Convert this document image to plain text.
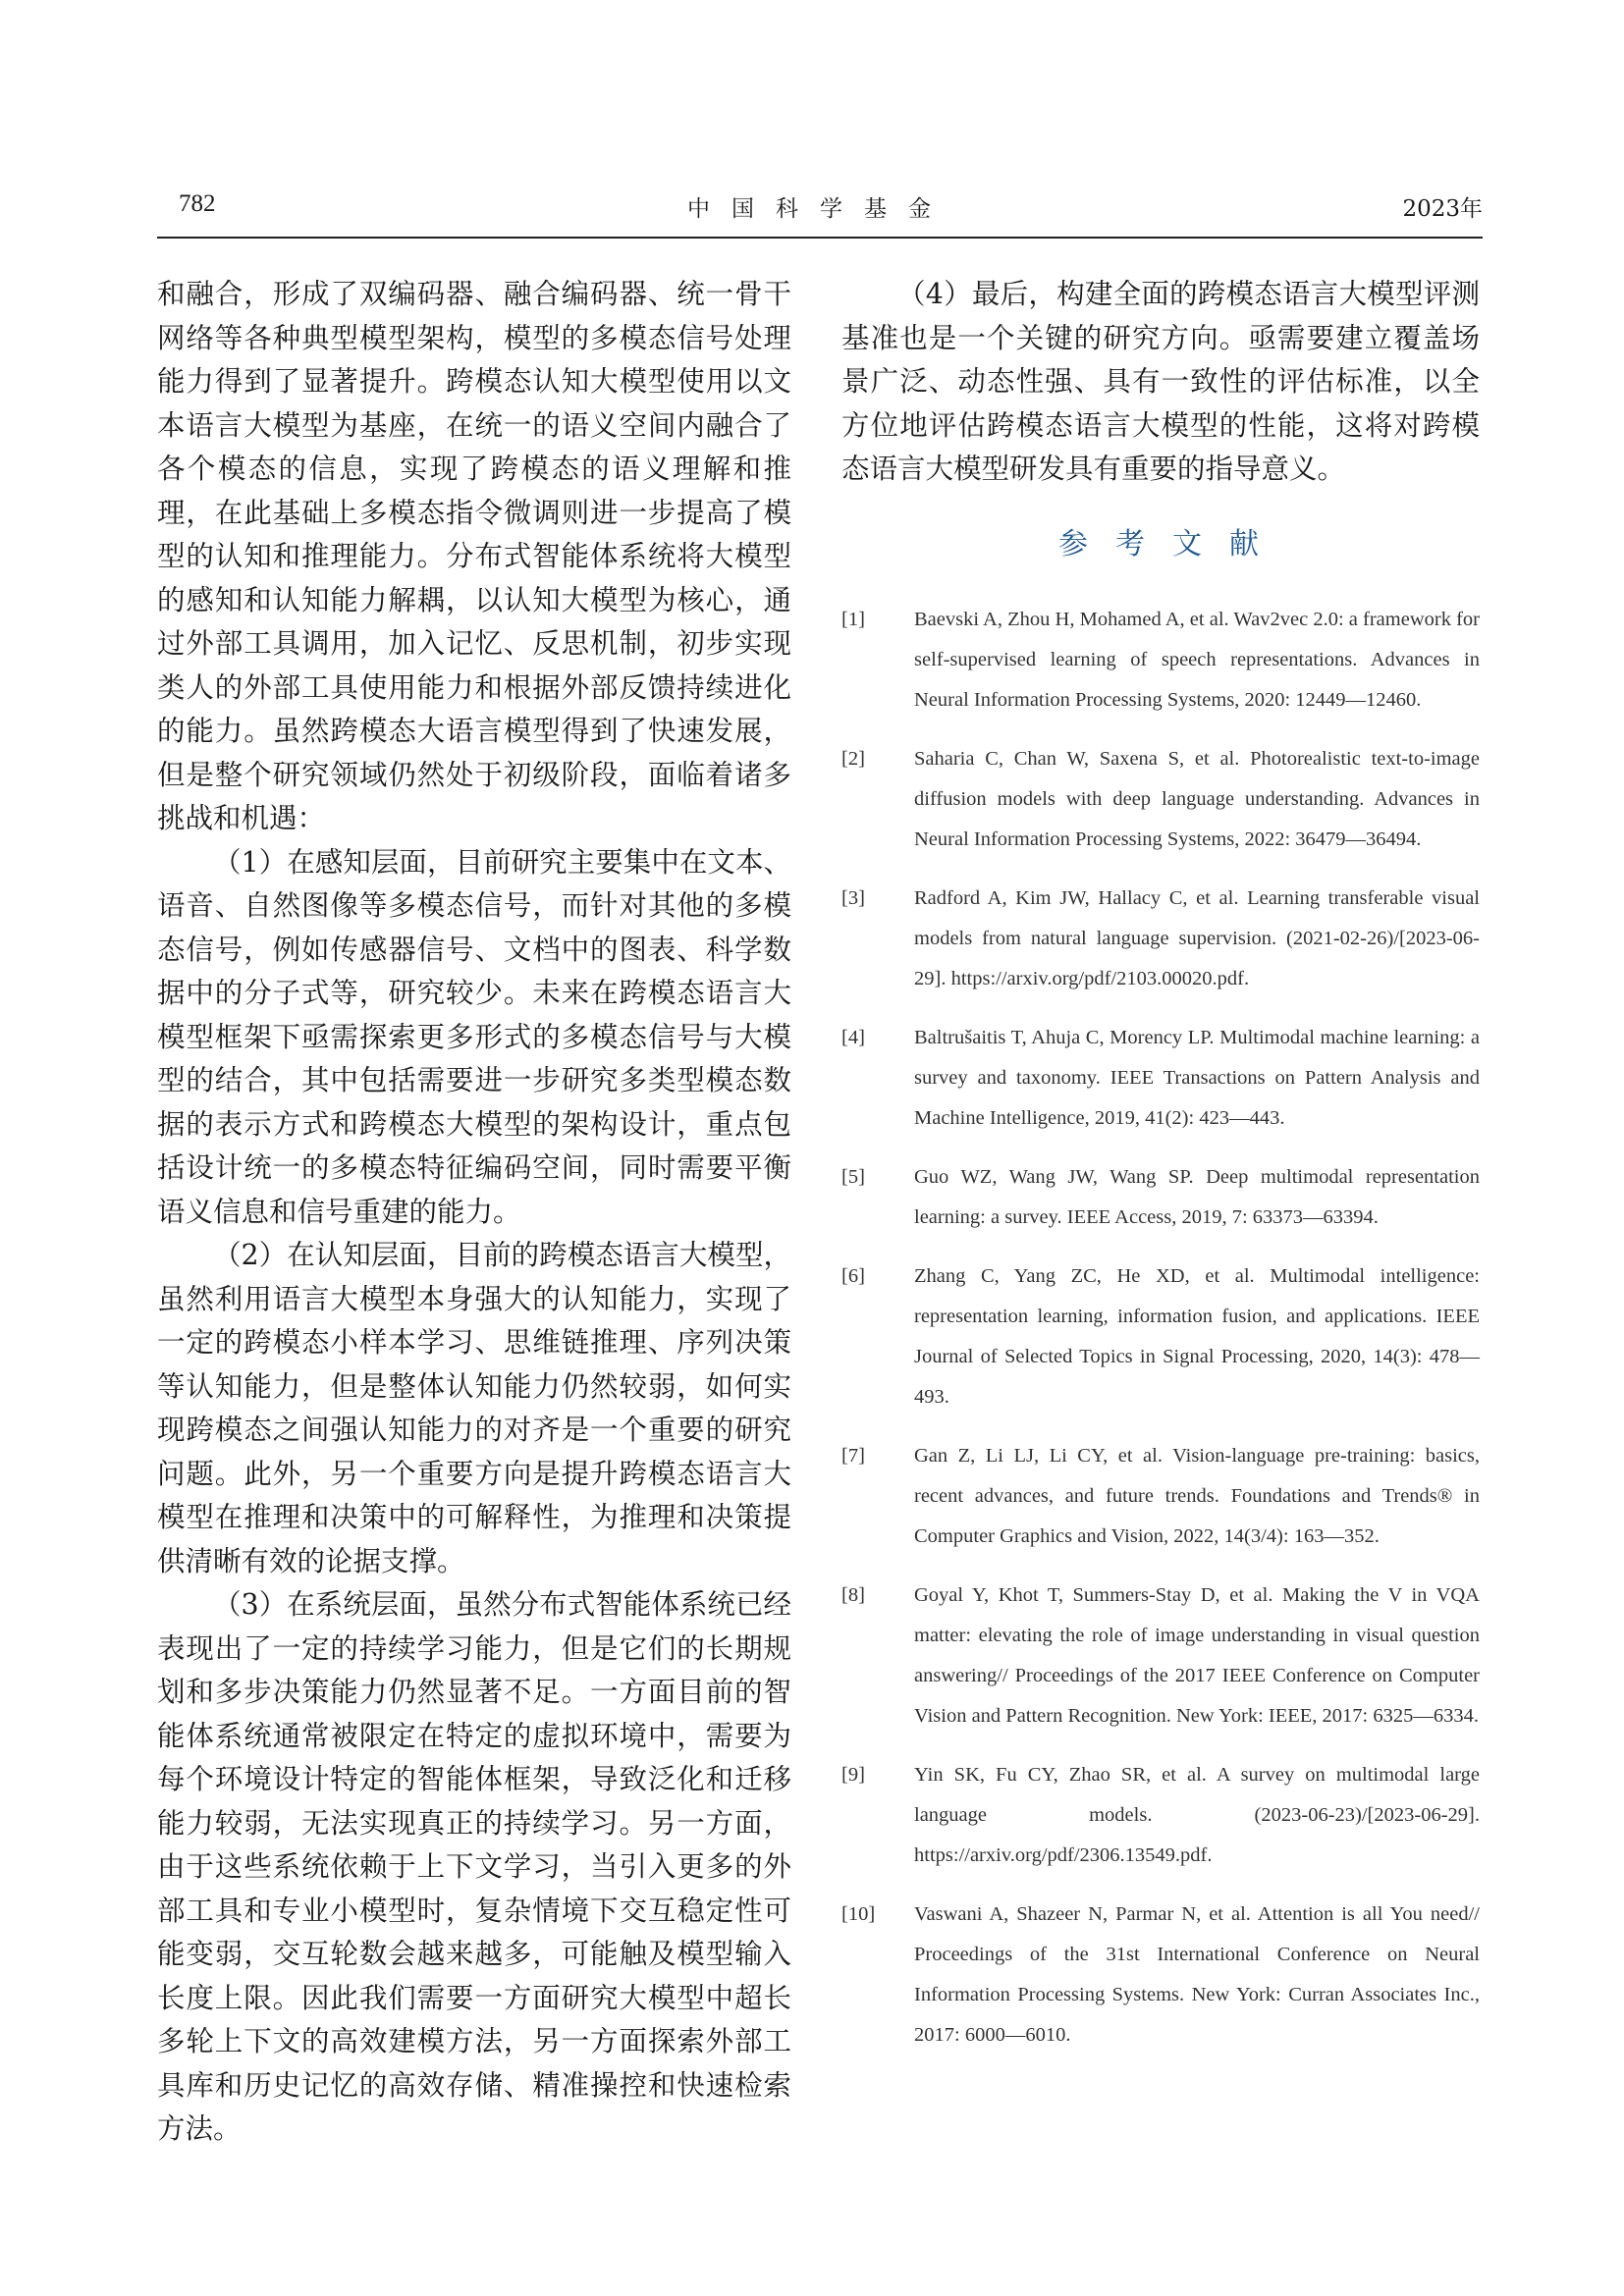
782	中国科学基金	2023年

和融合，形成了双编码器、融合编码器、统一骨干网络等各种典型模型架构，模型的多模态信号处理能力得到了显著提升。跨模态认知大模型使用以文本语言大模型为基座，在统一的语义空间内融合了各个模态的信息，实现了跨模态的语义理解和推理，在此基础上多模态指令微调则进一步提高了模型的认知和推理能力。分布式智能体系统将大模型的感知和认知能力解耦，以认知大模型为核心，通过外部工具调用，加入记忆、反思机制，初步实现类人的外部工具使用能力和根据外部反馈持续进化的能力。虽然跨模态大语言模型得到了快速发展，但是整个研究领域仍然处于初级阶段，面临着诸多挑战和机遇：

（1）在感知层面，目前研究主要集中在文本、语音、自然图像等多模态信号，而针对其他的多模态信号，例如传感器信号、文档中的图表、科学数据中的分子式等，研究较少。未来在跨模态语言大模型框架下亟需探索更多形式的多模态信号与大模型的结合，其中包括需要进一步研究多类型模态数据的表示方式和跨模态大模型的架构设计，重点包括设计统一的多模态特征编码空间，同时需要平衡语义信息和信号重建的能力。

（2）在认知层面，目前的跨模态语言大模型，虽然利用语言大模型本身强大的认知能力，实现了一定的跨模态小样本学习、思维链推理、序列决策等认知能力，但是整体认知能力仍然较弱，如何实现跨模态之间强认知能力的对齐是一个重要的研究问题。此外，另一个重要方向是提升跨模态语言大模型在推理和决策中的可解释性，为推理和决策提供清晰有效的论据支撑。

（3）在系统层面，虽然分布式智能体系统已经表现出了一定的持续学习能力，但是它们的长期规划和多步决策能力仍然显著不足。一方面目前的智能体系统通常被限定在特定的虚拟环境中，需要为每个环境设计特定的智能体框架，导致泛化和迁移能力较弱，无法实现真正的持续学习。另一方面，由于这些系统依赖于上下文学习，当引入更多的外部工具和专业小模型时，复杂情境下交互稳定性可能变弱，交互轮数会越来越多，可能触及模型输入长度上限。因此我们需要一方面研究大模型中超长多轮上下文的高效建模方法，另一方面探索外部工具库和历史记忆的高效存储、精准操控和快速检索方法。

（4）最后，构建全面的跨模态语言大模型评测基准也是一个关键的研究方向。亟需要建立覆盖场景广泛、动态性强、具有一致性的评估标准，以全方位地评估跨模态语言大模型的性能，这将对跨模态语言大模型研发具有重要的指导意义。

参考文献
[1]	Baevski A, Zhou H, Mohamed A, et al. Wav2vec 2.0: a framework for self-supervised learning of speech representations. Advances in Neural Information Processing Systems, 2020: 12449—12460.
[2]	Saharia C, Chan W, Saxena S, et al. Photorealistic text-to-image diffusion models with deep language understanding. Advances in Neural Information Processing Systems, 2022: 36479—36494.
[3]	Radford A, Kim JW, Hallacy C, et al. Learning transferable visual models from natural language supervision. (2021-02-26)/[2023-06-29]. https://arxiv.org/pdf/2103.00020.pdf.
[4]	Baltrušaitis T, Ahuja C, Morency LP. Multimodal machine learning: a survey and taxonomy. IEEE Transactions on Pattern Analysis and Machine Intelligence, 2019, 41(2): 423—443.
[5]	Guo WZ, Wang JW, Wang SP. Deep multimodal representation learning: a survey. IEEE Access, 2019, 7: 63373—63394.
[6]	Zhang C, Yang ZC, He XD, et al. Multimodal intelligence: representation learning, information fusion, and applications. IEEE Journal of Selected Topics in Signal Processing, 2020, 14(3): 478—493.
[7]	Gan Z, Li LJ, Li CY, et al. Vision-language pre-training: basics, recent advances, and future trends. Foundations and Trends® in Computer Graphics and Vision, 2022, 14(3/4): 163—352.
[8]	Goyal Y, Khot T, Summers-Stay D, et al. Making the V in VQA matter: elevating the role of image understanding in visual question answering// Proceedings of the 2017 IEEE Conference on Computer Vision and Pattern Recognition. New York: IEEE, 2017: 6325—6334.
[9]	Yin SK, Fu CY, Zhao SR, et al. A survey on multimodal large language models. (2023-06-23)/[2023-06-29]. https://arxiv.org/pdf/2306.13549.pdf.
[10]	Vaswani A, Shazeer N, Parmar N, et al. Attention is all You need// Proceedings of the 31st International Conference on Neural Information Processing Systems. New York: Curran Associates Inc., 2017: 6000—6010.
